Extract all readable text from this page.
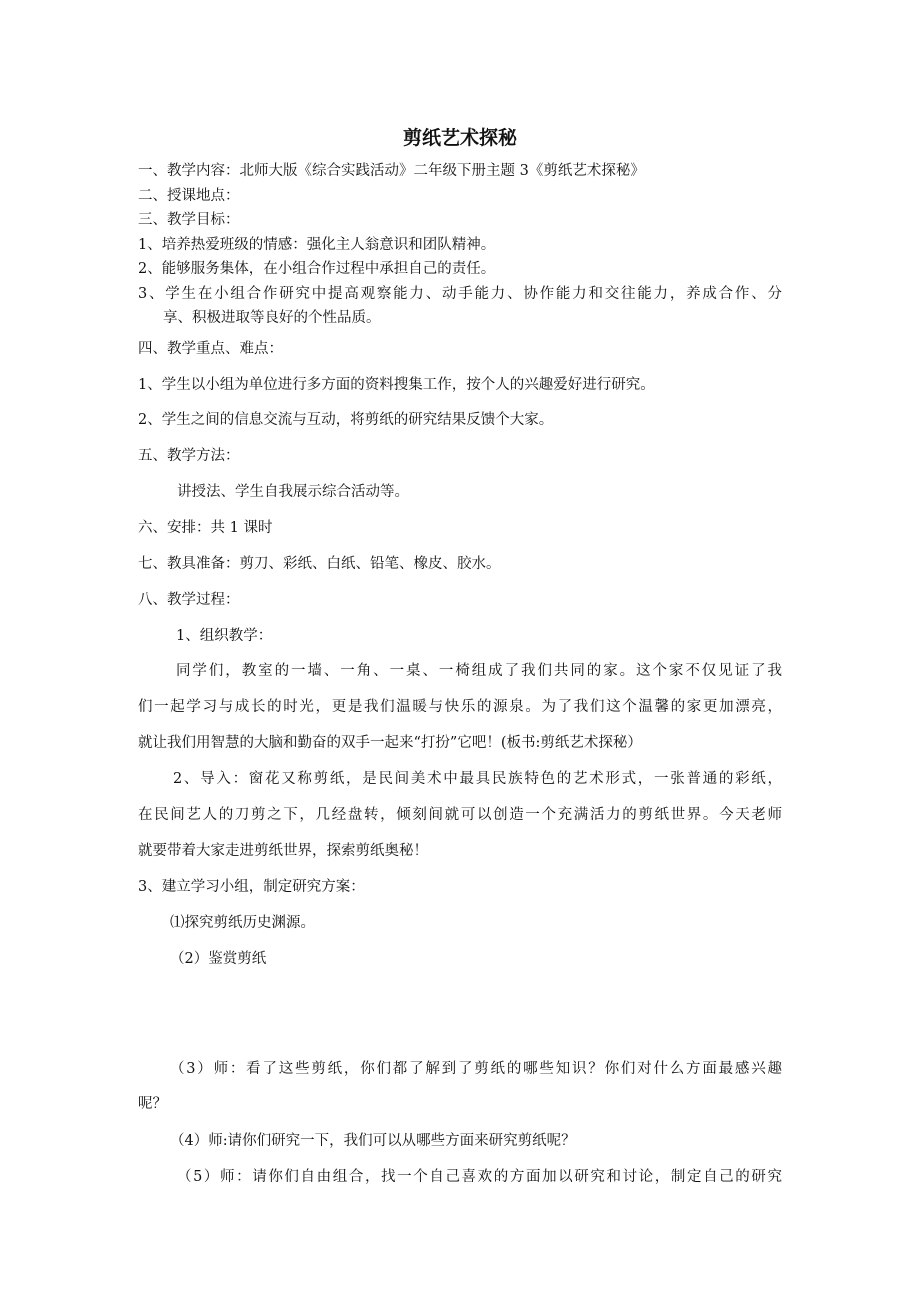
剪纸艺术探秘
一、教学内容：北师大版《综合实践活动》二年级下册主题 3《剪纸艺术探秘》
二、授课地点：
三、教学目标：
1、培养热爱班级的情感：强化主人翁意识和团队精神。
2、能够服务集体，在小组合作过程中承担自己的责任。
3、学生在小组合作研究中提高观察能力、动手能力、协作能力和交往能力，养成合作、分
享、积极进取等良好的个性品质。
四、教学重点、难点：
1、学生以小组为单位进行多方面的资料搜集工作，按个人的兴趣爱好进行研究。
2、学生之间的信息交流与互动，将剪纸的研究结果反馈个大家。
五、教学方法：
讲授法、学生自我展示综合活动等。
六、安排：共 1 课时
七、教具准备：剪刀、彩纸、白纸、铅笔、橡皮、胶水。
八、教学过程：
1、组织教学：
同学们，教室的一墙、一角、一桌、一椅组成了我们共同的家。这个家不仅见证了我
们一起学习与成长的时光，更是我们温暖与快乐的源泉。为了我们这个温馨的家更加漂亮，
就让我们用智慧的大脑和勤奋的双手一起来“打扮”它吧！(板书:剪纸艺术探秘）
2、导入：窗花又称剪纸，是民间美术中最具民族特色的艺术形式，一张普通的彩纸，
在民间艺人的刀剪之下，几经盘转，倾刻间就可以创造一个充满活力的剪纸世界。今天老师
就要带着大家走进剪纸世界，探索剪纸奥秘！
3、建立学习小组，制定研究方案：
⑴探究剪纸历史渊源。
（2）鉴赏剪纸
（3）师：看了这些剪纸，你们都了解到了剪纸的哪些知识？你们对什么方面最感兴趣
呢？
（4）师:请你们研究一下，我们可以从哪些方面来研究剪纸呢？
（5）师：请你们自由组合，找一个自己喜欢的方面加以研究和讨论，制定自己的研究
